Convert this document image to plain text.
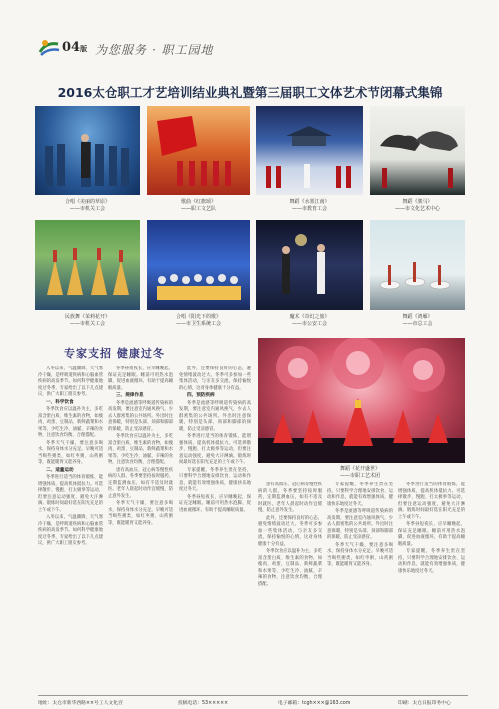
04版 为您服务 · 职工园地
2016太仓职工才艺培训结业典礼暨第三届职工文体艺术节闭幕式集锦
合唱《美丽的草原》
——市机关工会
歌曲《红旗颂》
——职工文艺队
舞蹈《水墨江南》
——市教育工会
舞蹈《骏马》
——市文化艺术中心
民族舞《茉莉花开》
——市机关工会
合唱《阳光下的歌》
——市卫生系统工会
魔术《奇幻之旅》
——市公安工会
舞蹈《鸿雁》
——市总工会
专家支招 健康过冬
舞蹈《花开盛世》
——市职工艺术团

入冬以来，气温骤降，天气寒冷干燥，是呼吸道疾病和心脑血管疾病的高发季节。如何科学健康地度过冬季，专家给出了以下几点建议，供广大职工朋友参考。

一、科学饮食

冬季饮食应以温补为主，多吃富含蛋白质、维生素的食物，如瘦肉、鸡蛋、豆制品、新鲜蔬菜和水果等，少吃生冷、油腻、辛辣的食物，注意饮食均衡，合理搭配。

冬季天气干燥，要注意多喝水，保持身体水分充足。早晚可适当喝些粥类，如红枣粥、山药粥等，既能暖胃又能养身。

二、适量运动

冬季进行适当的体育锻炼，能增强体质，提高机体抵抗力。可选择散步、慢跑、打太极拳等运动，但要注意运动强度，避免大汗淋漓。锻炼时间最好选在阳光充足的上午或下午。

入冬以来，气温骤降，天气寒冷干燥，是呼吸道疾病和心脑血管疾病的高发季节。如何科学健康地度过冬季，专家给出了以下几点建议，供广大职工朋友参考。

冬季昼短夜长，应早睡晚起，保证充足睡眠。睡前可用热水泡脚，促进血液循环，有助于提高睡眠质量。

三、规律作息

冬季是流感等呼吸道传染病的高发期，要注意室内通风换气，少去人群密集的公共场所。外出时注意保暖，特别是头部、颈部和脚部的保暖，防止受凉感冒。

冬季饮食应以温补为主，多吃富含蛋白质、维生素的食物，如瘦肉、鸡蛋、豆制品、新鲜蔬菜和水果等，少吃生冷、油腻、辛辣的食物，注意饮食均衡，合理搭配。

患有高血压、冠心病等慢性疾病的人群，冬季要坚持按时服药，定期监测血压，如有不适及时就医。老年人晨起时动作宜缓慢，防止意外发生。

冬季天气干燥，要注意多喝水，保持身体水分充足。早晚可适当喝些粥类，如红枣粥、山药粥等，既能暖胃又能养身。

此外，还要保持良好的心态，避免情绪波动过大。冬季可多参加一些集体活动，与亲友多交流，保持愉悦的心情，这对身体健康十分有益。

四、预防疾病

冬季是流感等呼吸道传染病的高发期，要注意室内通风换气，少去人群密集的公共场所。外出时注意保暖，特别是头部、颈部和脚部的保暖，防止受凉感冒。

冬季进行适当的体育锻炼，能增强体质，提高机体抵抗力。可选择散步、慢跑、打太极拳等运动，但要注意运动强度，避免大汗淋漓。锻炼时间最好选在阳光充足的上午或下午。

专家提醒，冬季养生贵在坚持，只要科学合理地安排饮食、运动和作息，就能有效增强体质，健康快乐地度过冬天。

冬季昼短夜长，应早睡晚起，保证充足睡眠。睡前可用热水泡脚，促进血液循环，有助于提高睡眠质量。

患有高血压、冠心病等慢性疾病的人群，冬季要坚持按时服药，定期监测血压，如有不适及时就医。老年人晨起时动作宜缓慢，防止意外发生。

此外，还要保持良好的心态，避免情绪波动过大。冬季可多参加一些集体活动，与亲友多交流，保持愉悦的心情，这对身体健康十分有益。

冬季饮食应以温补为主，多吃富含蛋白质、维生素的食物，如瘦肉、鸡蛋、豆制品、新鲜蔬菜和水果等，少吃生冷、油腻、辛辣的食物，注意饮食均衡，合理搭配。

专家提醒，冬季养生贵在坚持，只要科学合理地安排饮食、运动和作息，就能有效增强体质，健康快乐地度过冬天。

冬季是流感等呼吸道传染病的高发期，要注意室内通风换气，少去人群密集的公共场所。外出时注意保暖，特别是头部、颈部和脚部的保暖，防止受凉感冒。

冬季天气干燥，要注意多喝水，保持身体水分充足。早晚可适当喝些粥类，如红枣粥、山药粥等，既能暖胃又能养身。

冬季进行适当的体育锻炼，能增强体质，提高机体抵抗力。可选择散步、慢跑、打太极拳等运动，但要注意运动强度，避免大汗淋漓。锻炼时间最好选在阳光充足的上午或下午。

冬季昼短夜长，应早睡晚起，保证充足睡眠。睡前可用热水泡脚，促进血液循环，有助于提高睡眠质量。

专家提醒，冬季养生贵在坚持，只要科学合理地安排饮食、运动和作息，就能有效增强体质，健康快乐地度过冬天。

地址：太仓市新华西路××号工人文化宫	投稿电话：53×××××	电子邮箱：tcgh×××@163.com	印刷：太仓日报印务中心
